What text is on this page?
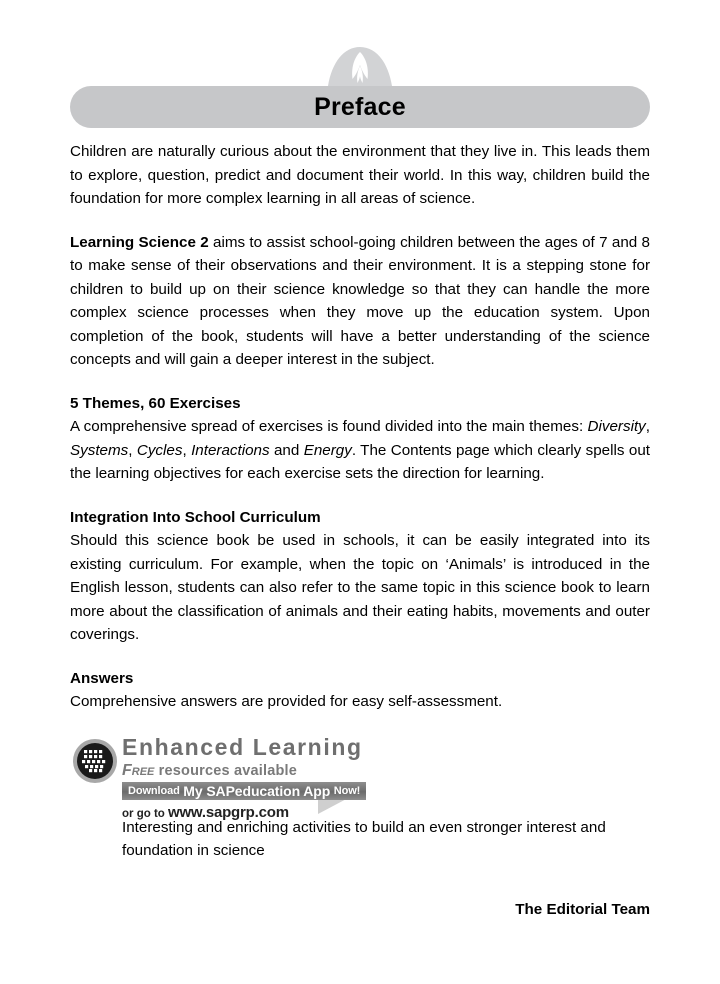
Preface

Children are naturally curious about the environment that they live in. This leads them to explore, question, predict and document their world. In this way, children build the foundation for more complex learning in all areas of science.

Learning Science 2 aims to assist school-going children between the ages of 7 and 8 to make sense of their observations and their environment. It is a stepping stone for children to build up on their science knowledge so that they can handle the more complex science processes when they move up the education system. Upon completion of the book, students will have a better understanding of the science concepts and will gain a deeper interest in the subject.

5 Themes, 60 Exercises
A comprehensive spread of exercises is found divided into the main themes: Diversity, Systems, Cycles, Interactions and Energy. The Contents page which clearly spells out the learning objectives for each exercise sets the direction for learning.
Integration Into School Curriculum
Should this science book be used in schools, it can be easily integrated into its existing curriculum. For example, when the topic on ‘Animals’ is introduced in the English lesson, students can also refer to the same topic in this science book to learn more about the classification of animals and their eating habits, movements and outer coverings.
Answers
Comprehensive answers are provided for easy self-assessment.
Enhanced Learning
Free resources available
Download
My SAPeducation App
Now!
or go to www.sapgrp.com
Interesting and enriching activities to build an even stronger interest and foundation in science
The Editorial Team
